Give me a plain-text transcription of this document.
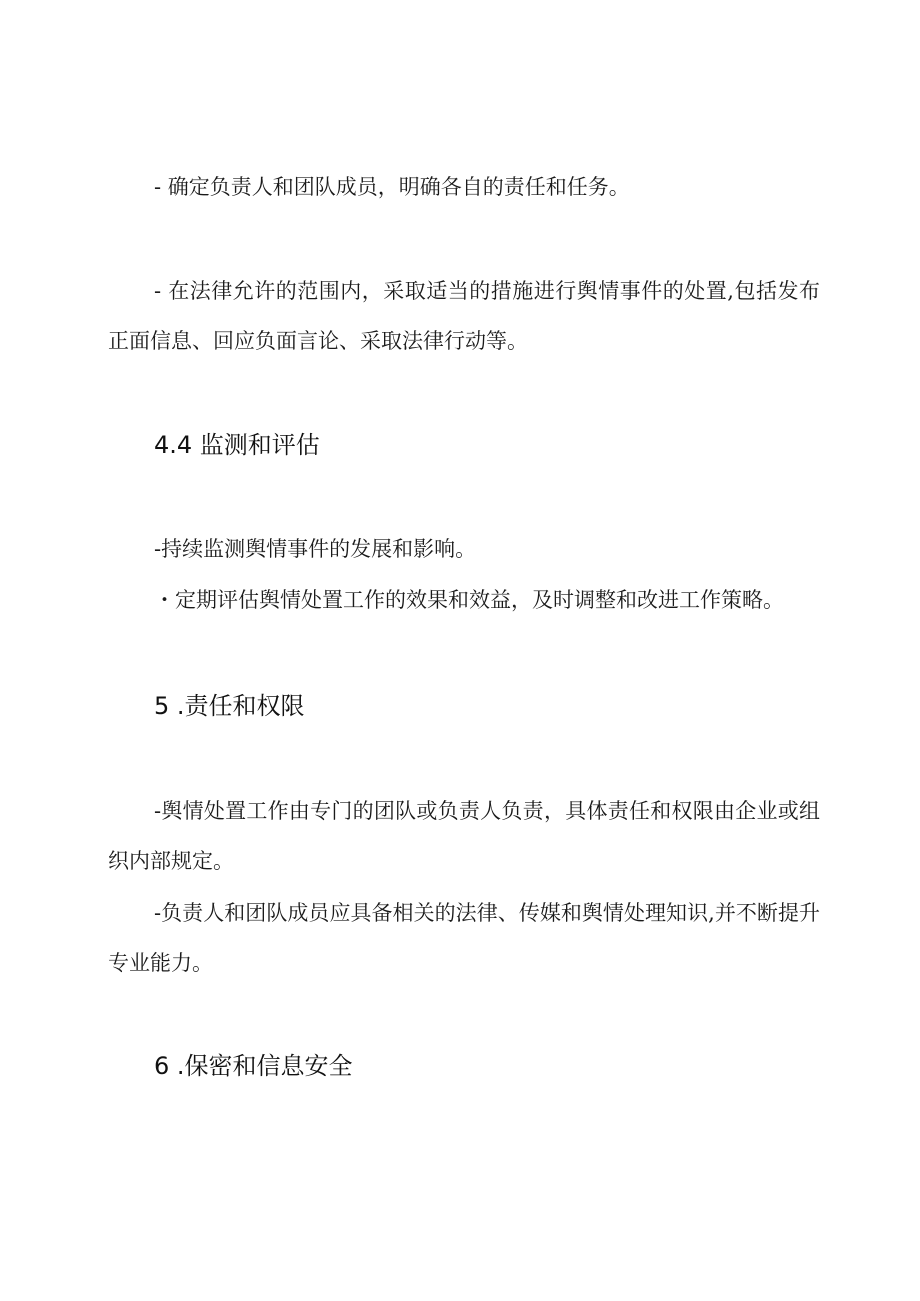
- 确定负责人和团队成员，明确各自的责任和任务。

- 在法律允许的范围内，采取适当的措施进行舆情事件的处置,包括发布正面信息、回应负面言论、采取法律行动等。

4.4 监测和评估

-持续监测舆情事件的发展和影响。

・定期评估舆情处置工作的效果和效益，及时调整和改进工作策略。

5 .责任和权限

-舆情处置工作由专门的团队或负责人负责，具体责任和权限由企业或组织内部规定。

-负责人和团队成员应具备相关的法律、传媒和舆情处理知识,并不断提升专业能力。

6 .保密和信息安全
